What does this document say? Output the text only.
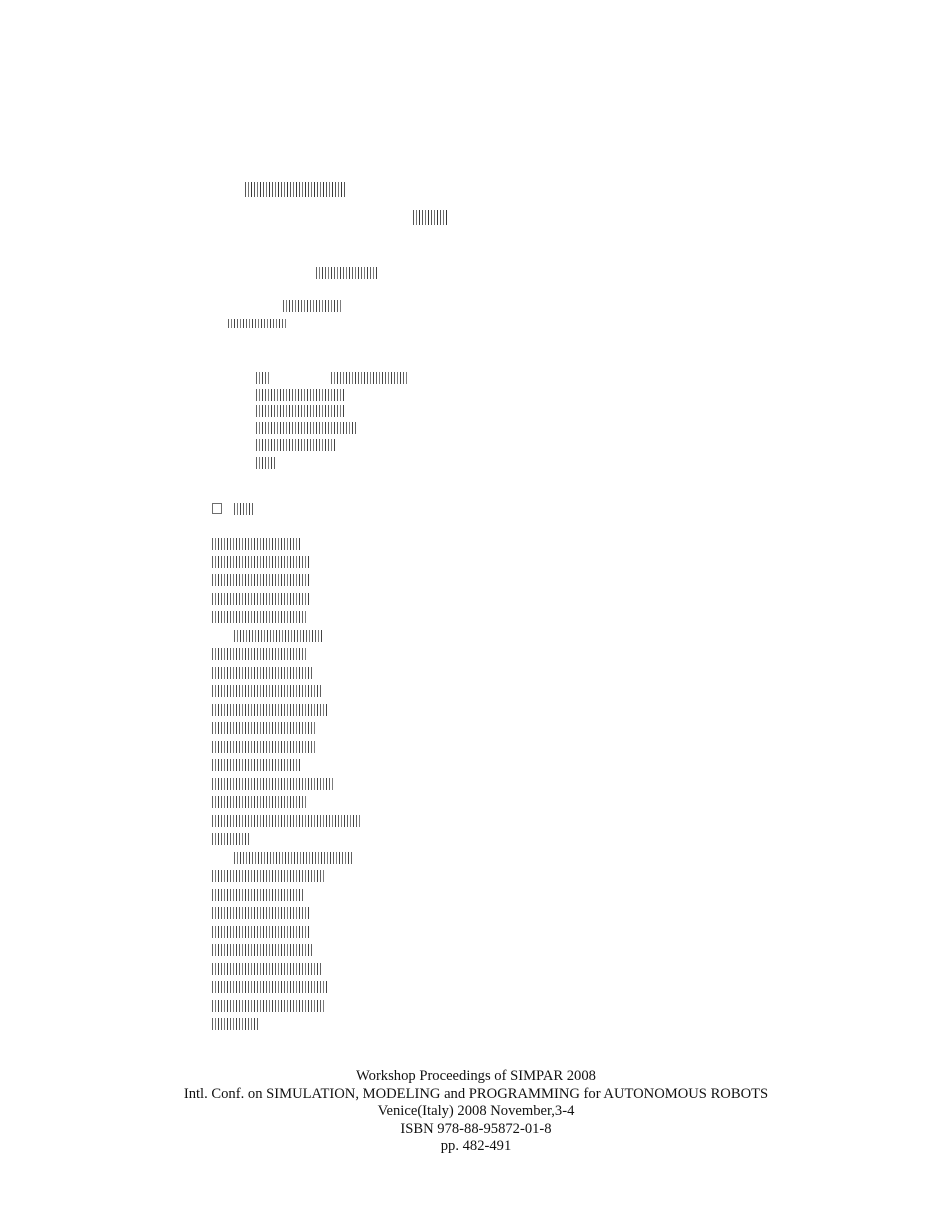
Workshop Proceedings of SIMPAR 2008
Intl. Conf. on SIMULATION, MODELING and PROGRAMMING for AUTONOMOUS ROBOTS
Venice(Italy) 2008 November,3-4
ISBN 978-88-95872-01-8
pp. 482-491
